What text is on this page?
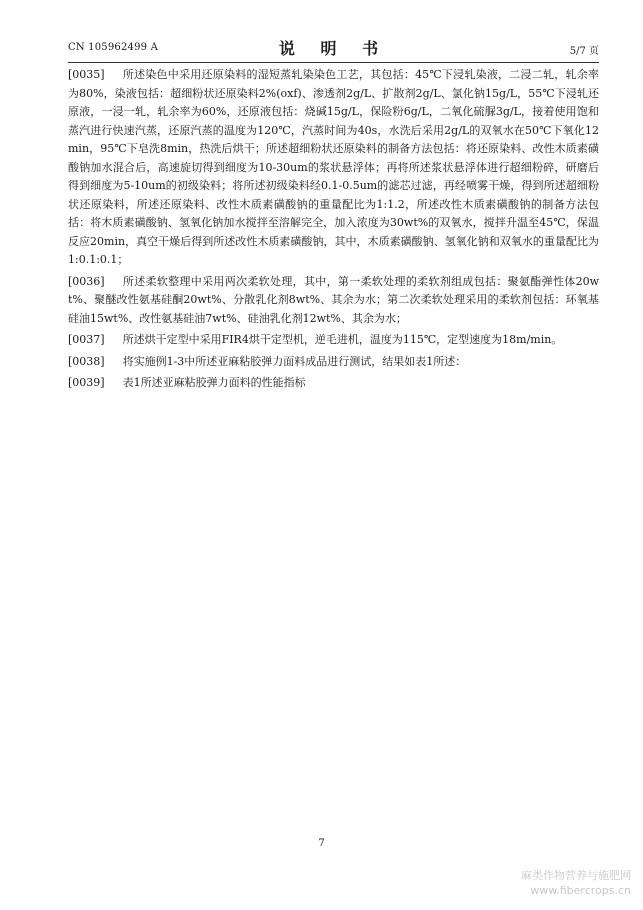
CN 105962499 A	说 明 书	5/7 页

[0035] 所述染色中采用还原染料的湿短蒸轧染染色工艺，其包括：45℃下浸轧染液，二浸二轧，轧余率为80%，染液包括：超细粉状还原染料2%(oxf)、渗透剂2g/L、扩散剂2g/L、氯化钠15g/L，55℃下浸轧还原液，一浸一轧，轧余率为60%，还原液包括：烧碱15g/L，保险粉6g/L，二氧化硫脲3g/L，接着使用饱和蒸汽进行快速汽蒸，还原汽蒸的温度为120℃，汽蒸时间为40s，水洗后采用2g/L的双氧水在50℃下氧化12min，95℃下皂洗8min，热洗后烘干；所述超细粉状还原染料的制备方法包括：将还原染料、改性木质素磺酸钠加水混合后，高速旋切得到细度为10-30um的浆状悬浮体；再将所述浆状悬浮体进行超细粉碎，研磨后得到细度为5-10um的初级染料；将所述初级染料经0.1-0.5um的滤芯过滤，再经喷雾干燥，得到所述超细粉状还原染料，所述还原染料、改性木质素磺酸钠的重量配比为1:1.2，所述改性木质素磺酸钠的制备方法包括：将木质素磺酸钠、氢氧化钠加水搅拌至溶解完全，加入浓度为30wt%的双氧水，搅拌升温至45℃，保温反应20min，真空干燥后得到所述改性木质素磺酸钠，其中，木质素磺酸钠、氢氧化钠和双氧水的重量配比为1:0.1:0.1；

[0036] 所述柔软整理中采用两次柔软处理，其中，第一柔软处理的柔软剂组成包括：聚氨酯弹性体20wt%、聚醚改性氨基硅酮20wt%、分散乳化剂8wt%、其余为水；第二次柔软处理采用的柔软剂包括：环氧基硅油15wt%、改性氨基硅油7wt%、硅油乳化剂12wt%、其余为水；

[0037] 所述烘干定型中采用FIR4烘干定型机，逆毛进机，温度为115℃，定型速度为18m/min。

[0038] 将实施例1-3中所述亚麻粘胶弹力面料成品进行测试，结果如表1所述：

[0039] 表1所述亚麻粘胶弹力面料的性能指标

7
麻类作物营养与施肥网
www.fibercrops.cn
